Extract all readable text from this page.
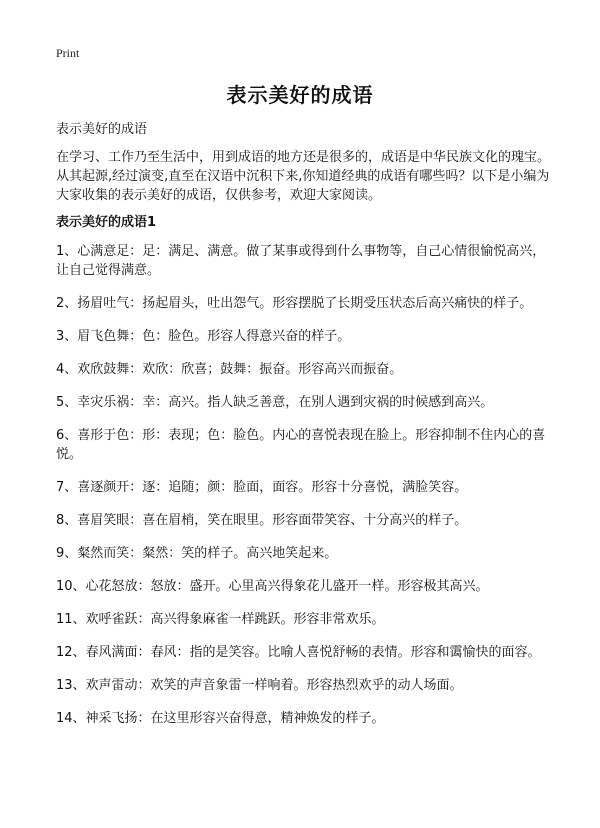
Print
表示美好的成语

表示美好的成语

在学习、工作乃至生活中，用到成语的地方还是很多的，成语是中华民族文化的瑰宝。从其起源,经过演变,直至在汉语中沉积下来,你知道经典的成语有哪些吗？以下是小编为大家收集的表示美好的成语，仅供参考，欢迎大家阅读。

表示美好的成语1
1、心满意足：足：满足、满意。做了某事或得到什么事物等，自己心情很愉悦高兴，让自己觉得满意。
2、扬眉吐气：扬起眉头，吐出怨气。形容摆脱了长期受压状态后高兴痛快的样子。
3、眉飞色舞：色：脸色。形容人得意兴奋的样子。
4、欢欣鼓舞：欢欣：欣喜；鼓舞：振奋。形容高兴而振奋。
5、幸灾乐祸：幸：高兴。指人缺乏善意，在别人遇到灾祸的时候感到高兴。
6、喜形于色：形：表现；色：脸色。内心的喜悦表现在脸上。形容抑制不住内心的喜悦。
7、喜逐颜开：逐：追随；颜：脸面，面容。形容十分喜悦，满脸笑容。
8、喜眉笑眼：喜在眉梢，笑在眼里。形容面带笑容、十分高兴的样子。
9、粲然而笑：粲然：笑的样子。高兴地笑起来。
10、心花怒放：怒放：盛开。心里高兴得象花儿盛开一样。形容极其高兴。
11、欢呼雀跃：高兴得象麻雀一样跳跃。形容非常欢乐。
12、春风满面：春风：指的是笑容。比喻人喜悦舒畅的表情。形容和霭愉快的面容。
13、欢声雷动：欢笑的声音象雷一样响着。形容热烈欢乎的动人场面。
14、神采飞扬：在这里形容兴奋得意，精神焕发的样子。
